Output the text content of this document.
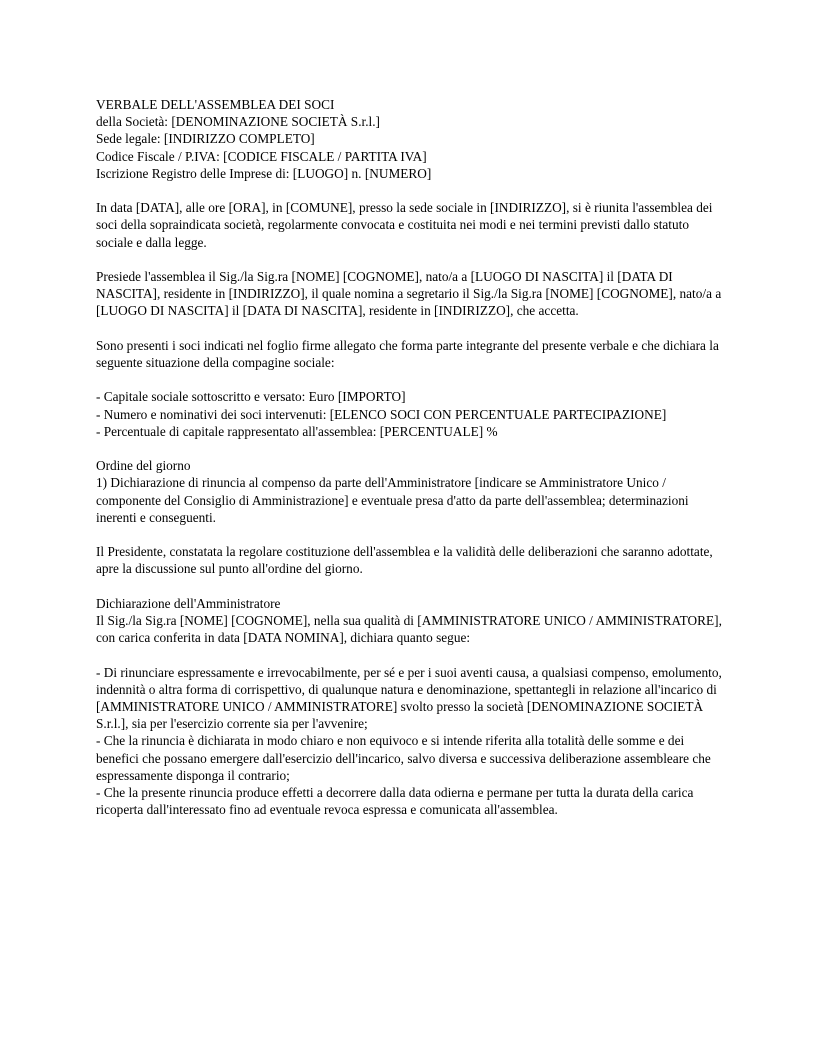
VERBALE DELL'ASSEMBLEA DEI SOCI
della Società: [DENOMINAZIONE SOCIETÀ S.r.l.]
Sede legale: [INDIRIZZO COMPLETO]
Codice Fiscale / P.IVA: [CODICE FISCALE / PARTITA IVA]
Iscrizione Registro delle Imprese di: [LUOGO] n. [NUMERO]

In data [DATA], alle ore [ORA], in [COMUNE], presso la sede sociale in [INDIRIZZO], si è riunita l'assemblea dei soci della sopraindicata società, regolarmente convocata e costituita nei modi e nei termini previsti dallo statuto sociale e dalla legge.

Presiede l'assemblea il Sig./la Sig.ra [NOME] [COGNOME], nato/a a [LUOGO DI NASCITA] il [DATA DI NASCITA], residente in [INDIRIZZO], il quale nomina a segretario il Sig./la Sig.ra [NOME] [COGNOME], nato/a a [LUOGO DI NASCITA] il [DATA DI NASCITA], residente in [INDIRIZZO], che accetta.

Sono presenti i soci indicati nel foglio firme allegato che forma parte integrante del presente verbale e che dichiara la seguente situazione della compagine sociale:

- Capitale sociale sottoscritto e versato: Euro [IMPORTO]
- Numero e nominativi dei soci intervenuti: [ELENCO SOCI CON PERCENTUALE PARTECIPAZIONE]
- Percentuale di capitale rappresentato all'assemblea: [PERCENTUALE] %

Ordine del giorno
1) Dichiarazione di rinuncia al compenso da parte dell'Amministratore [indicare se Amministratore Unico / componente del Consiglio di Amministrazione] e eventuale presa d'atto da parte dell'assemblea; determinazioni inerenti e conseguenti.

Il Presidente, constatata la regolare costituzione dell'assemblea e la validità delle deliberazioni che saranno adottate, apre la discussione sul punto all'ordine del giorno.

Dichiarazione dell'Amministratore
Il Sig./la Sig.ra [NOME] [COGNOME], nella sua qualità di [AMMINISTRATORE UNICO / AMMINISTRATORE], con carica conferita in data [DATA NOMINA], dichiara quanto segue:

- Di rinunciare espressamente e irrevocabilmente, per sé e per i suoi aventi causa, a qualsiasi compenso, emolumento, indennità o altra forma di corrispettivo, di qualunque natura e denominazione, spettantegli in relazione all'incarico di [AMMINISTRATORE UNICO / AMMINISTRATORE] svolto presso la società [DENOMINAZIONE SOCIETÀ S.r.l.], sia per l'esercizio corrente sia per l'avvenire;
- Che la rinuncia è dichiarata in modo chiaro e non equivoco e si intende riferita alla totalità delle somme e dei benefici che possano emergere dall'esercizio dell'incarico, salvo diversa e successiva deliberazione assembleare che espressamente disponga il contrario;
- Che la presente rinuncia produce effetti a decorrere dalla data odierna e permane per tutta la durata della carica ricoperta dall'interessato fino ad eventuale revoca espressa e comunicata all'assemblea.
